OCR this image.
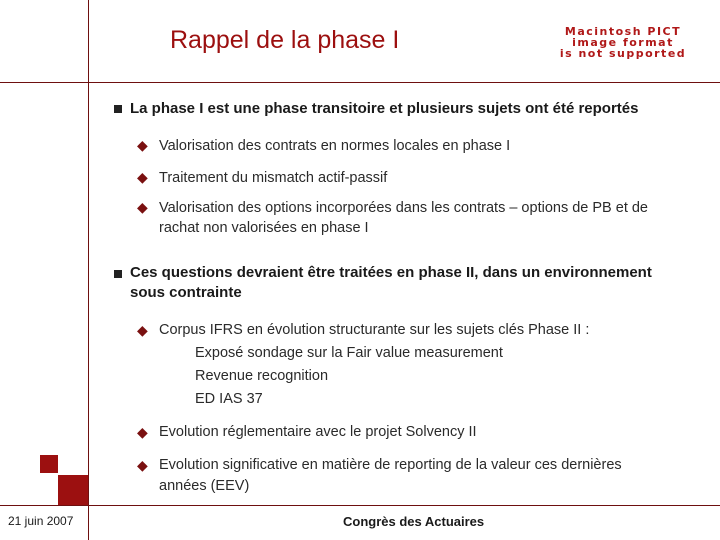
Rappel de la phase I	Macintosh PICT
image format
is not supported
La phase I est une phase transitoire et plusieurs sujets ont été reportés
◆ Valorisation des contrats en normes locales en phase I
◆ Traitement du mismatch actif-passif
◆ Valorisation des options incorporées dans les contrats – options de PB et de
rachat non valorisées en phase I
Ces questions devraient être traitées en phase II, dans un environnement
sous contrainte
◆ Corpus IFRS en évolution structurante sur les sujets clés Phase II :
Exposé sondage sur la Fair value measurement
Revenue recognition
ED IAS 37
◆ Evolution réglementaire avec le projet Solvency II
◆ Evolution significative en matière de reporting de la valeur ces dernières
années (EEV)
21 juin 2007	Congrès des Actuaires
